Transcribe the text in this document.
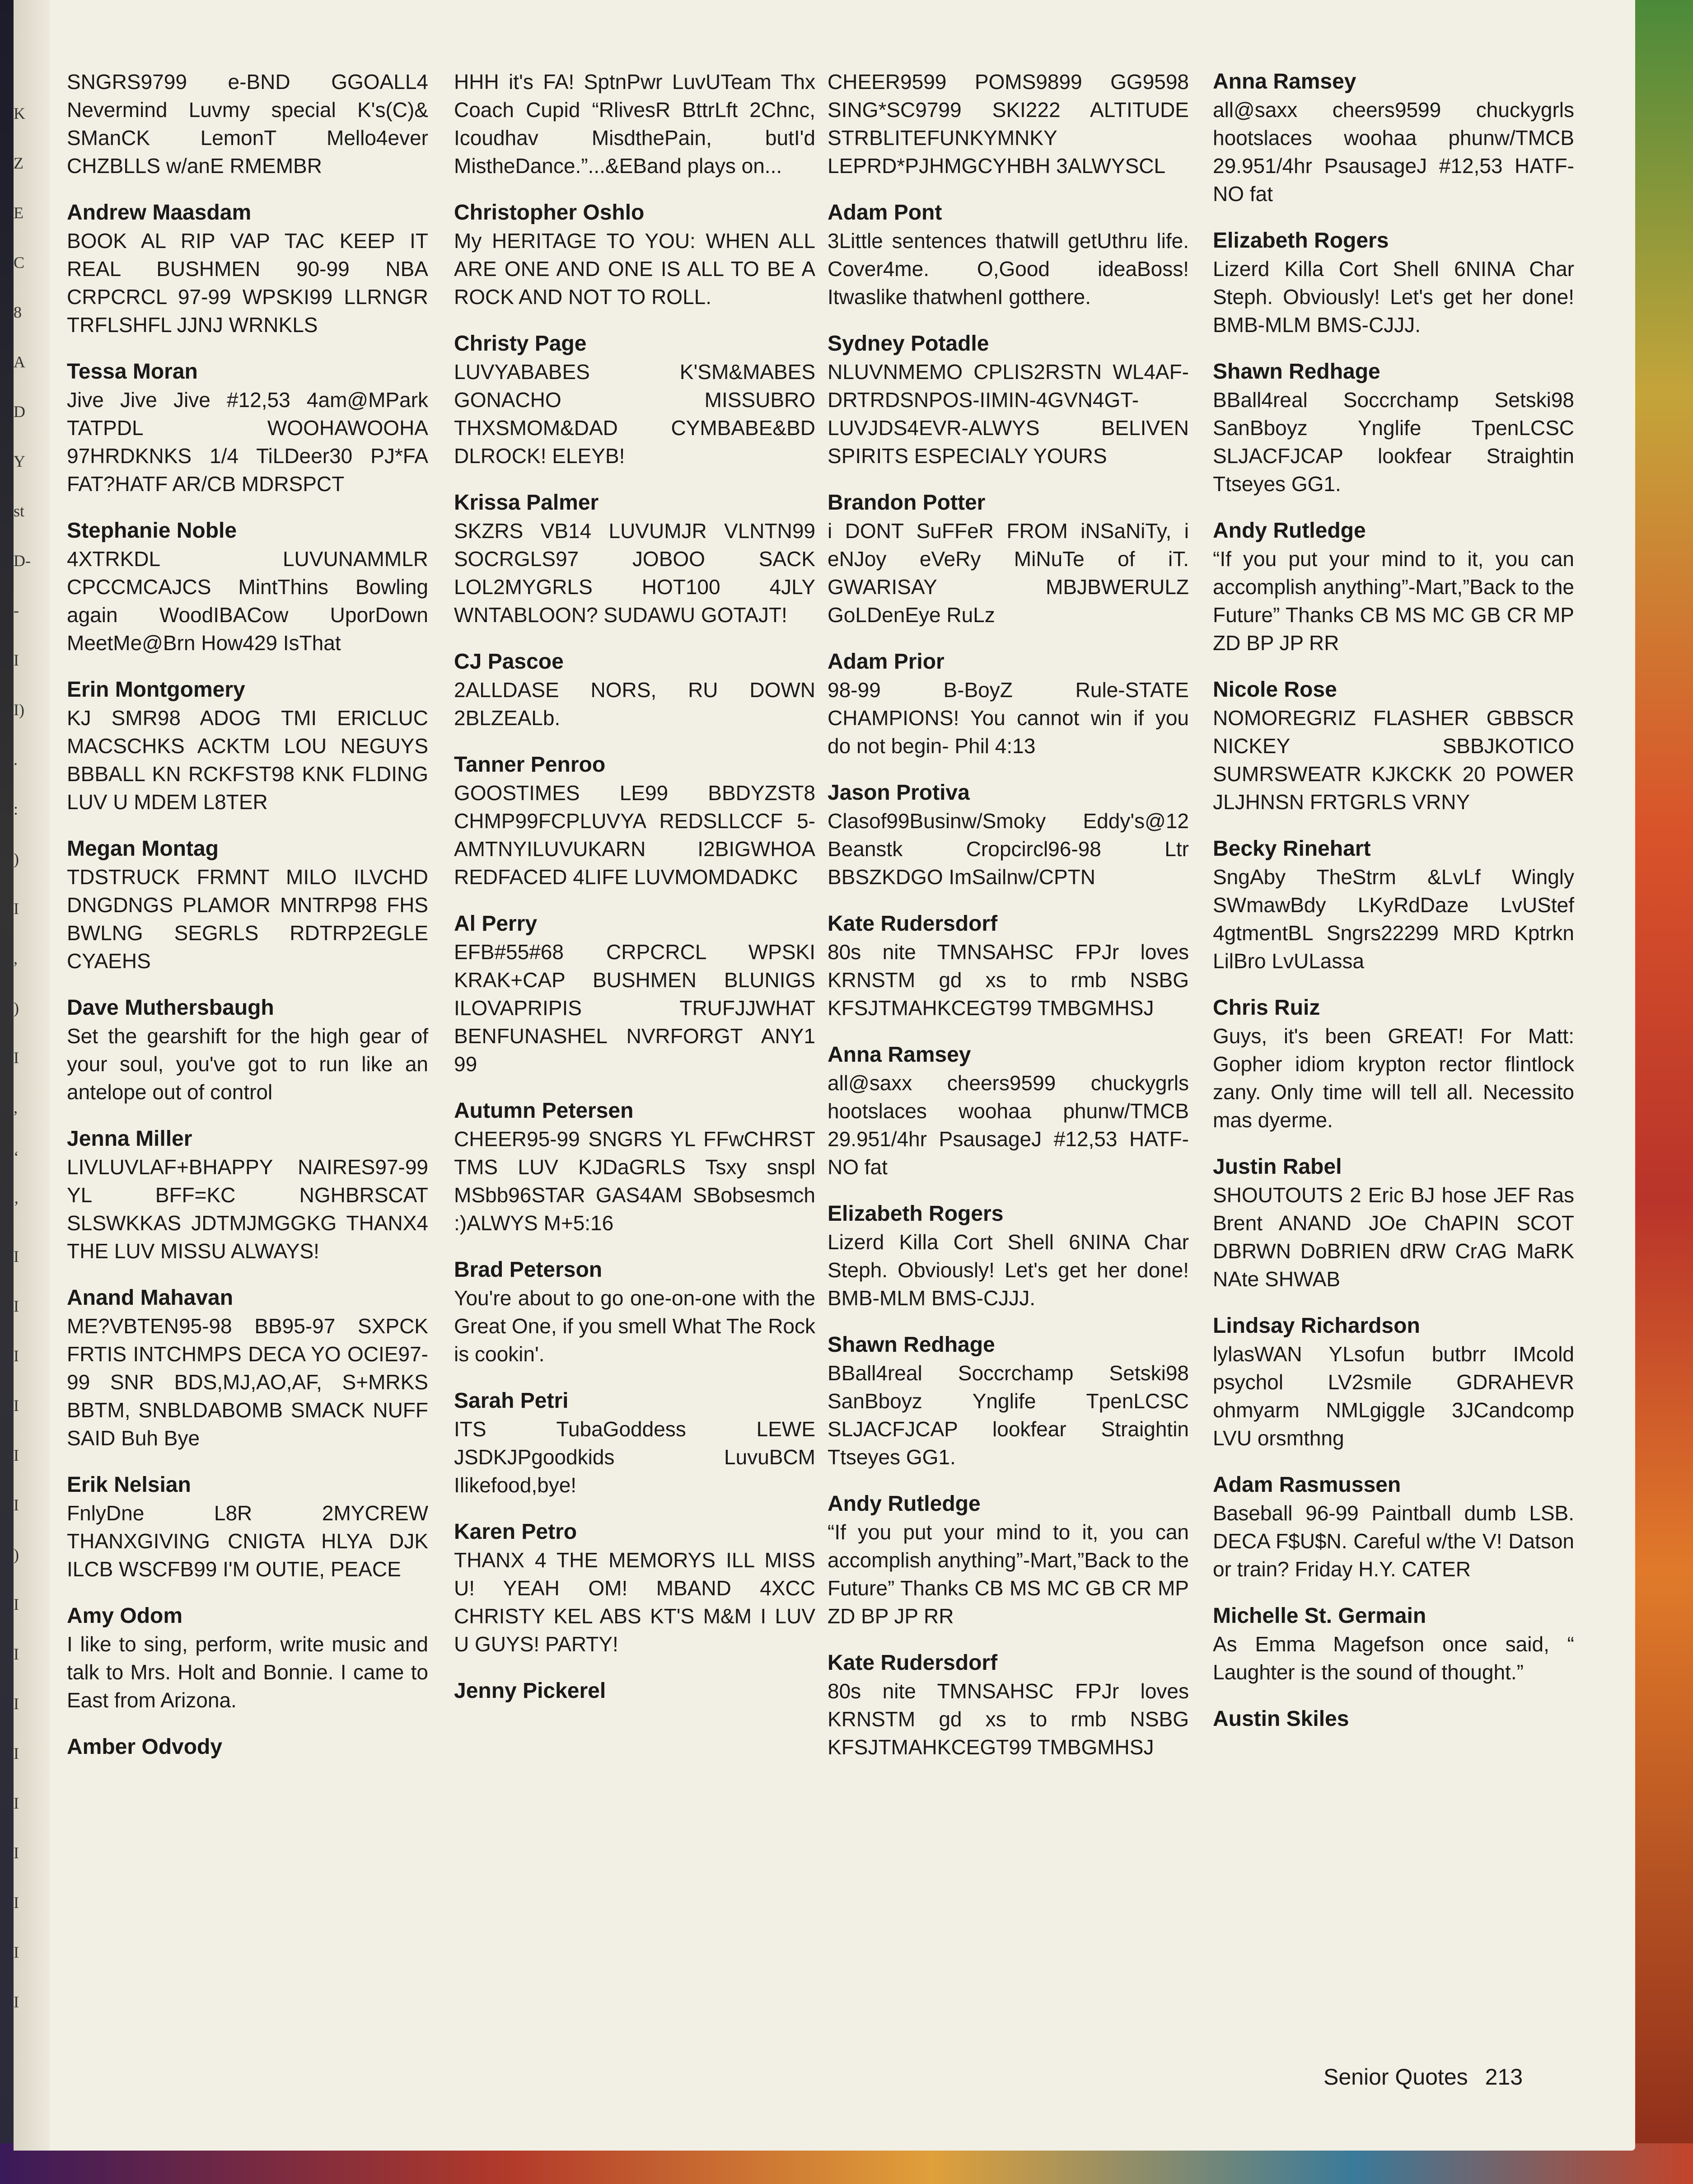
K
Z
E
C
8
A
D
Y
st
D-
-
I
I)
.
:
)
I
,
)
I
,
‘
’
I
I
I
I
I
I
)
I
I
I
I
I
I
I
I
I

SNGRS9799 e-BND GGOALL4 Nevermind Luvmy special K's(C)& SManCK LemonT Mello4ever CHZBLLS w/anE RMEMBR

Andrew Maasdam

BOOK AL RIP VAP TAC KEEP IT REAL BUSHMEN 90-99 NBA CRPCRCL 97-99 WPSKI99 LLRNGR TRFLSHFL JJNJ WRNKLS

Tessa Moran

Jive Jive Jive #12,53 4am@MPark TATPDL WOOHAWOOHA 97HRDKNKS 1/4 TiLDeer30 PJ*FA FAT?HATF AR/CB MDRSPCT

Stephanie Noble

4XTRKDL LUVUNAMMLR CPCCMCAJCS MintThins Bowling again WoodIBACow UporDown MeetMe@Brn How429 IsThat

Erin Montgomery

KJ SMR98 ADOG TMI ERICLUC MACSCHKS ACKTM LOU NEGUYS BBBALL KN RCKFST98 KNK FLDING LUV U MDEM L8TER

Megan Montag

TDSTRUCK FRMNT MILO ILVCHD DNGDNGS PLAMOR MNTRP98 FHS BWLNG SEGRLS RDTRP2EGLE CYAEHS

Dave Muthersbaugh

Set the gearshift for the high gear of your soul, you've got to run like an antelope out of control

Jenna Miller

LIVLUVLAF+BHAPPY NAIRES97-99 YL BFF=KC NGHBRSCAT SLSWKKAS JDTMJMGGKG THANX4 THE LUV MISSU ALWAYS!

Anand Mahavan

ME?VBTEN95-98 BB95-97 SXPCK FRTIS INTCHMPS DECA YO OCIE97-99 SNR BDS,MJ,AO,AF, S+MRKS BBTM, SNBLDABOMB SMACK NUFF SAID Buh Bye

Erik Nelsian

FnlyDne L8R 2MYCREW THANXGIVING CNIGTA HLYA DJK ILCB WSCFB99 I'M OUTIE, PEACE

Amy Odom

I like to sing, perform, write music and talk to Mrs. Holt and Bonnie. I came to East from Arizona.

Amber Odvody

HHH it's FA! SptnPwr LuvUTeam Thx Coach Cupid “RlivesR BttrLft 2Chnc, Icoudhav MisdthePain, butI'd MistheDance.”...&EBand plays on...

Christopher Oshlo

My HERITAGE TO YOU: WHEN ALL ARE ONE AND ONE IS ALL TO BE A ROCK AND NOT TO ROLL.

Christy Page

LUVYABABES K'SM&MABES GONACHO MISSUBRO THXSMOM&DAD CYMBABE&BD DLROCK! ELEYB!

Krissa Palmer

SKZRS VB14 LUVUMJR VLNTN99 SOCRGLS97 JOBOO SACK LOL2MYGRLS HOT100 4JLY WNTABLOON? SUDAWU GOTAJT!

CJ Pascoe

2ALLDASE NORS, RU DOWN 2BLZEALb.

Tanner Penroo

GOOSTIMES LE99 BBDYZST8 CHMP99FCPLUVYA REDSLLCCF 5-AMTNYILUVUKARN I2BIGWHOA REDFACED 4LIFE LUVMOMDADKC

Al Perry

EFB#55#68 CRPCRCL WPSKI KRAK+CAP BUSHMEN BLUNIGS ILOVAPRIPIS TRUFJJWHAT BENFUNASHEL NVRFORGT ANY1 99

Autumn Petersen

CHEER95-99 SNGRS YL FFwCHRST TMS LUV KJDaGRLS Tsxy snspl MSbb96STAR GAS4AM SBobsesmch :)ALWYS M+5:16

Brad Peterson

You're about to go one-on-one with the Great One, if you smell What The Rock is cookin'.

Sarah Petri

ITS TubaGoddess LEWE JSDKJPgoodkids LuvuBCM Ilikefood,bye!

Karen Petro

THANX 4 THE MEMORYS ILL MISS U! YEAH OM! MBAND 4XCC CHRISTY KEL ABS KT'S M&M I LUV U GUYS! PARTY!

Jenny Pickerel

CHEER9599 POMS9899 GG9598 SING*SC9799 SKI222 ALTITUDE STRBLITEFUNKYMNKY LEPRD*PJHMGCYHBH 3ALWYSCL

Adam Pont

3Little sentences thatwill getUthru life. Cover4me. O,Good ideaBoss! Itwaslike thatwhenI gotthere.

Sydney Potadle

NLUVNMEMO CPLIS2RSTN WL4AF-DRTRDSNPOS-IIMIN-4GVN4GT-LUVJDS4EVR-ALWYS BELIVEN SPIRITS ESPECIALY YOURS

Brandon Potter

i DONT SuFFeR FROM iNSaNiTy, i eNJoy eVeRy MiNuTe of iT. GWARISAY MBJBWERULZ GoLDenEye RuLz

Adam Prior

98-99 B-BoyZ Rule-STATE CHAMPIONS! You cannot win if you do not begin- Phil 4:13

Jason Protiva

Clasof99Businw/Smoky Eddy's@12 Beanstk Cropcircl96-98 Ltr BBSZKDGO ImSailnw/CPTN

Kate Rudersdorf

80s nite TMNSAHSC FPJr loves KRNSTM gd xs to rmb NSBG KFSJTMAHKCEGT99 TMBGMHSJ

Anna Ramsey

all@saxx cheers9599 chuckygrls hootslaces woohaa phunw/TMCB 29.951/4hr PsausageJ #12,53 HATF-NO fat

Elizabeth Rogers

Lizerd Killa Cort Shell 6NINA Char Steph. Obviously! Let's get her done! BMB-MLM BMS-CJJJ.

Shawn Redhage

BBall4real Soccrchamp Setski98 SanBboyz Ynglife TpenLCSC SLJACFJCAP lookfear Straightin Ttseyes GG1.

Andy Rutledge

“If you put your mind to it, you can accomplish anything”-Mart,”Back to the Future” Thanks CB MS MC GB CR MP ZD BP JP RR

Kate Rudersdorf

80s nite TMNSAHSC FPJr loves KRNSTM gd xs to rmb NSBG KFSJTMAHKCEGT99 TMBGMHSJ

Anna Ramsey

all@saxx cheers9599 chuckygrls hootslaces woohaa phunw/TMCB 29.951/4hr PsausageJ #12,53 HATF-NO fat

Elizabeth Rogers

Lizerd Killa Cort Shell 6NINA Char Steph. Obviously! Let's get her done! BMB-MLM BMS-CJJJ.

Shawn Redhage

BBall4real Soccrchamp Setski98 SanBboyz Ynglife TpenLCSC SLJACFJCAP lookfear Straightin Ttseyes GG1.

Andy Rutledge

“If you put your mind to it, you can accomplish anything”-Mart,”Back to the Future” Thanks CB MS MC GB CR MP ZD BP JP RR

Nicole Rose

NOMOREGRIZ FLASHER GBBSCR NICKEY SBBJKOTICO SUMRSWEATR KJKCKK 20 POWER JLJHNSN FRTGRLS VRNY

Becky Rinehart

SngAby TheStrm &LvLf Wingly SWmawBdy LKyRdDaze LvUStef 4gtmentBL Sngrs22299 MRD Kptrkn LilBro LvULassa

Chris Ruiz

Guys, it's been GREAT! For Matt: Gopher idiom krypton rector flintlock zany. Only time will tell all. Necessito mas dyerme.

Justin Rabel

SHOUTOUTS 2 Eric BJ hose JEF Ras Brent ANAND JOe ChAPIN SCOT DBRWN DoBRIEN dRW CrAG MaRK NAte SHWAB

Lindsay Richardson

lylasWAN YLsofun butbrr IMcold psychol LV2smile GDRAHEVR ohmyarm NMLgiggle 3JCandcomp LVU orsmthng

Adam Rasmussen

Baseball 96-99 Paintball dumb LSB. DECA F$U$N. Careful w/the V! Datson or train? Friday H.Y. CATER

Michelle St. Germain

As Emma Magefson once said, “ Laughter is the sound of thought.”

Austin Skiles

Senior Quotes 213
